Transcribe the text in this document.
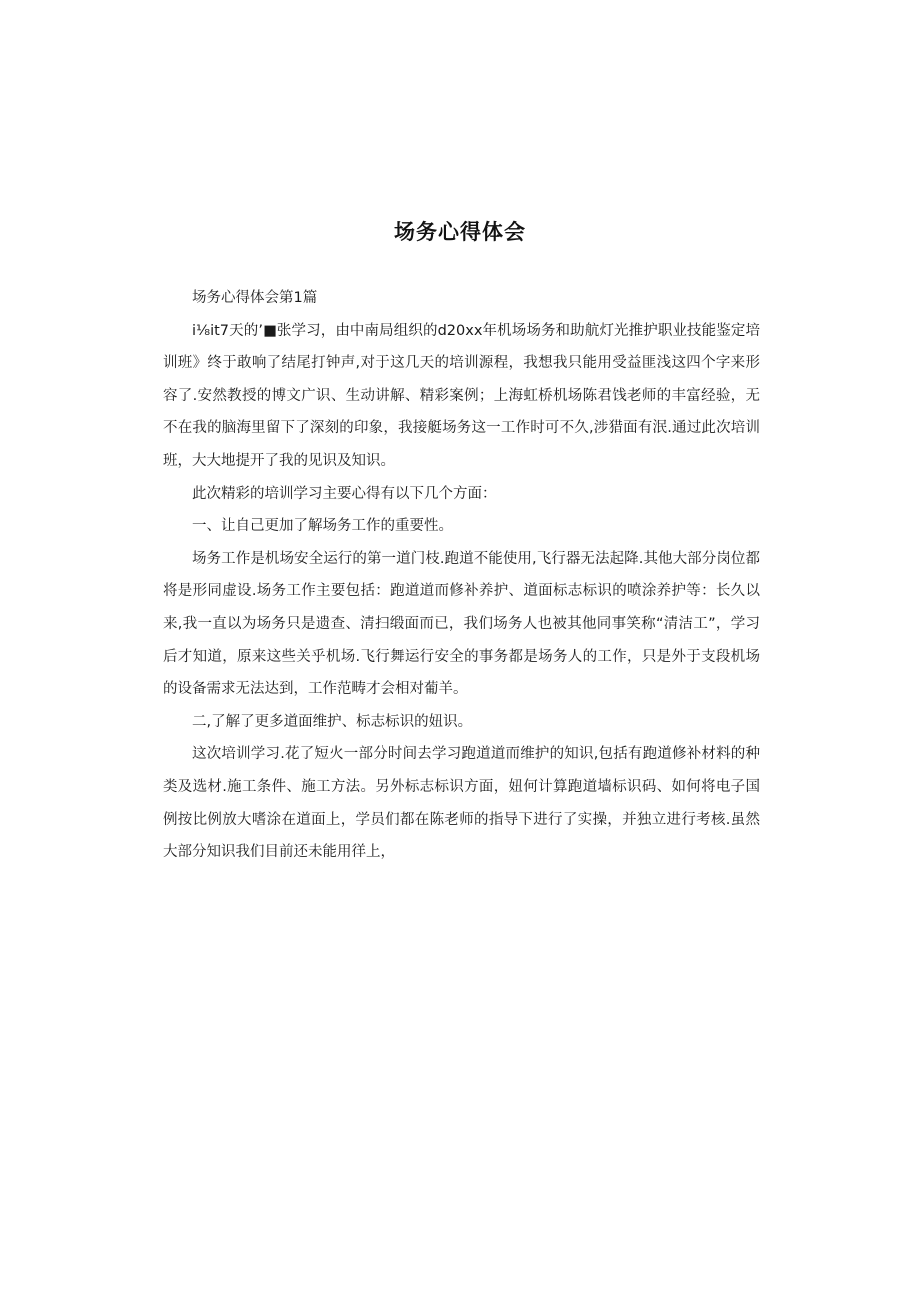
场务心得体会

场务心得体会第1篇

i⅛it7天的’■张学习，由中南局组织的d20xx年机场场务和助航灯光推护职业技能鉴定培训班》终于敢响了结尾打钟声,对于这几天的培训源程，我想我只能用受益匪浅这四个字来形容了.安然教授的博文广识、生动讲解、精彩案例；上海虹桥机场陈君饯老师的丰富经验，无不在我的脑海里留下了深刻的印象，我接艇场务这一工作时可不久,涉猎面有泯.通过此次培训班，大大地提开了我的见识及知识。

此次精彩的培训学习主要心得有以下几个方面：

一、让自己更加了解场务工作的重要性。

场务工作是机场安全运行的第一道门枝.跑道不能使用,飞行器无法起降.其他大部分岗位都将是形同虚设.场务工作主要包括：跑道道而修补养护、道面标志标识的喷涂养护等：长久以来,我一直以为场务只是遗查、清扫缎面而已，我们场务人也被其他同事笑称“清洁工”，学习后才知道，原来这些关乎机场.飞行舞运行安全的事务都是场务人的工作，只是外于支段机场的设备需求无法达到，工作范畴才会相对葡羊。

二,了解了更多道面维护、标志标识的妞识。

这次培训学习.花了短火一部分时间去学习跑道道而维护的知识,包括有跑道修补材料的种类及选材.施工条件、施工方法。另外标志标识方面，妞何计算跑道墙标识码、如何将电子国例按比例放大嗜涂在道面上，学员们都在陈老师的指导下进行了实操，并独立进行考核.虽然大部分知识我们目前还未能用徉上，
